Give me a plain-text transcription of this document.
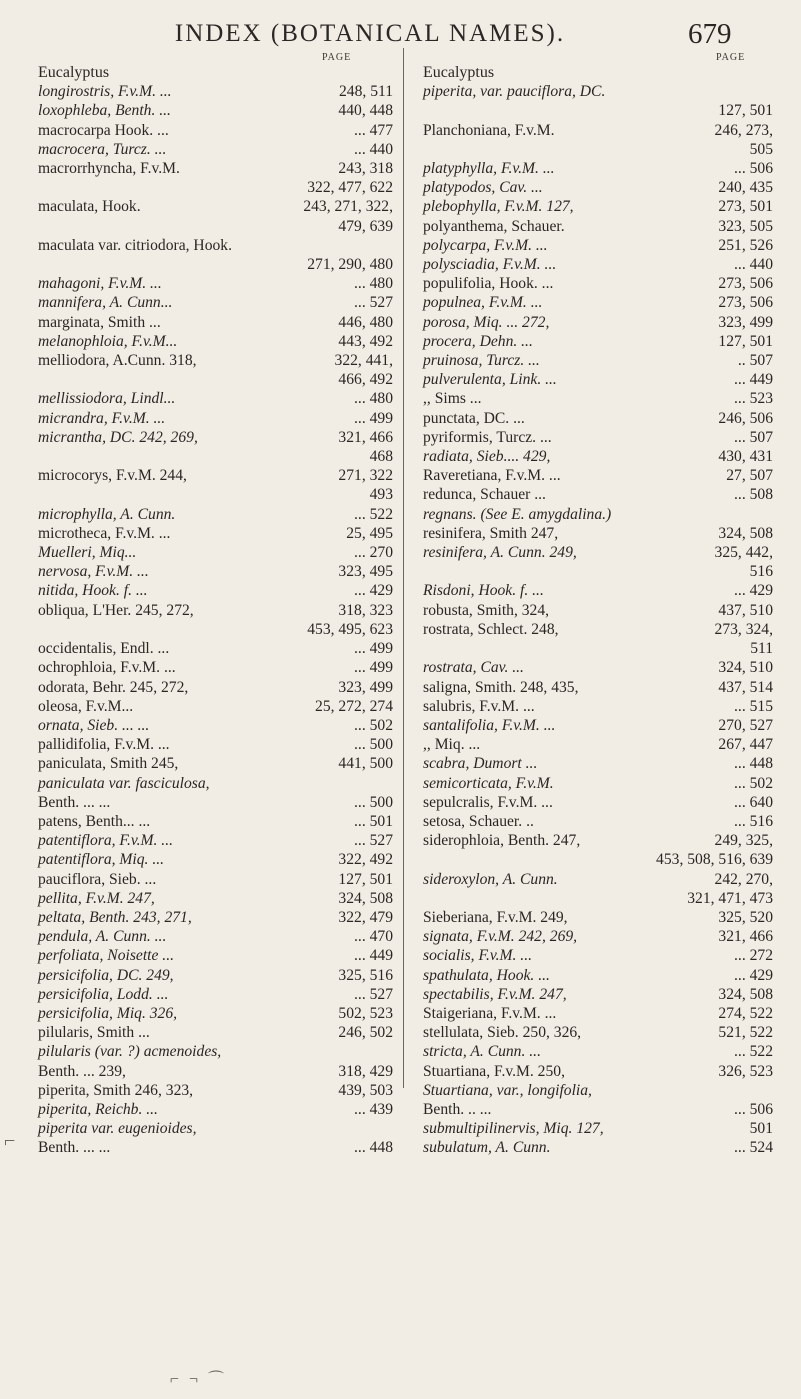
INDEX (BOTANICAL NAMES).	679
PAGE	PAGE
Eucalyptus
longirostris, F.v.M. ...	248, 511
loxophleba, Benth. ...	440, 448
macrocarpa Hook. ...	... 477
macrocera, Turcz. ...	... 440
macrorrhyncha, F.v.M.	243, 318
322, 477, 622
maculata, Hook.	243, 271, 322,
479, 639
maculata var. citriodora, Hook.
271, 290, 480
mahagoni, F.v.M. ...	... 480
mannifera, A. Cunn...	... 527
marginata, Smith ...	446, 480
melanophloia, F.v.M...	443, 492
melliodora, A.Cunn. 318,	322, 441,
466, 492
mellissiodora, Lindl...	... 480
micrandra, F.v.M. ...	... 499
micrantha, DC. 242, 269,	321, 466
468
microcorys, F.v.M. 244,	271, 322
493
microphylla, A. Cunn.	... 522
microtheca, F.v.M. ...	25, 495
Muelleri, Miq...	... 270
nervosa, F.v.M. ...	323, 495
nitida, Hook. f. ...	... 429
obliqua, L'Her. 245, 272,	318, 323
453, 495, 623
occidentalis, Endl. ...	... 499
ochrophloia, F.v.M. ...	... 499
odorata, Behr. 245, 272,	323, 499
oleosa, F.v.M...	25, 272, 274
ornata, Sieb. ... ...	... 502
pallidifolia, F.v.M. ...	... 500
paniculata, Smith 245,	441, 500
paniculata var. fasciculosa,
Benth. ... ...	... 500
patens, Benth... ...	... 501
patentiflora, F.v.M. ...	... 527
patentiflora, Miq. ...	322, 492
pauciflora, Sieb. ...	127, 501
pellita, F.v.M. 247,	324, 508
peltata, Benth. 243, 271,	322, 479
pendula, A. Cunn. ...	... 470
perfoliata, Noisette ...	... 449
persicifolia, DC. 249,	325, 516
persicifolia, Lodd. ...	... 527
persicifolia, Miq. 326,	502, 523
pilularis, Smith ...	246, 502
pilularis (var. ?) acmenoides,
Benth. ... 239,	318, 429
piperita, Smith 246, 323,	439, 503
piperita, Reichb. ...	... 439
piperita var. eugenioides,
Benth. ... ...	... 448
Eucalyptus
piperita, var. pauciflora, DC.
127, 501
Planchoniana, F.v.M.	246, 273,
505
platyphylla, F.v.M. ...	... 506
platypodos, Cav. ...	240, 435
plebophylla, F.v.M. 127,	273, 501
polyanthema, Schauer.	323, 505
polycarpa, F.v.M. ...	251, 526
polysciadia, F.v.M. ...	... 440
populifolia, Hook. ...	273, 506
populnea, F.v.M. ...	273, 506
porosa, Miq. ... 272,	323, 499
procera, Dehn. ...	127, 501
pruinosa, Turcz. ...	.. 507
pulverulenta, Link. ...	... 449
,, Sims ...	... 523
punctata, DC. ...	246, 506
pyriformis, Turcz. ...	... 507
radiata, Sieb.... 429,	430, 431
Raveretiana, F.v.M. ...	27, 507
redunca, Schauer ...	... 508
regnans. (See E. amygdalina.)
resinifera, Smith 247,	324, 508
resinifera, A. Cunn. 249,	325, 442,
516
Risdoni, Hook. f. ...	... 429
robusta, Smith, 324,	437, 510
rostrata, Schlect. 248,	273, 324,
511
rostrata, Cav. ...	324, 510
saligna, Smith. 248, 435,	437, 514
salubris, F.v.M. ...	... 515
santalifolia, F.v.M. ...	270, 527
,, Miq. ...	267, 447
scabra, Dumort ...	... 448
semicorticata, F.v.M.	... 502
sepulcralis, F.v.M. ...	... 640
setosa, Schauer. ..	... 516
siderophloia, Benth. 247,	249, 325,
453, 508, 516, 639
sideroxylon, A. Cunn.	242, 270,
321, 471, 473
Sieberiana, F.v.M. 249,	325, 520
signata, F.v.M. 242, 269,	321, 466
socialis, F.v.M. ...	... 272
spathulata, Hook. ...	... 429
spectabilis, F.v.M. 247,	324, 508
Staigeriana, F.v.M. ...	274, 522
stellulata, Sieb. 250, 326,	521, 522
stricta, A. Cunn. ...	... 522
Stuartiana, F.v.M. 250,	326, 523
Stuartiana, var., longifolia,
Benth. .. ...	... 506
submultipilinervis, Miq. 127,	501
subulatum, A. Cunn.	... 524
⌐ ¬ ⌒
⌐
